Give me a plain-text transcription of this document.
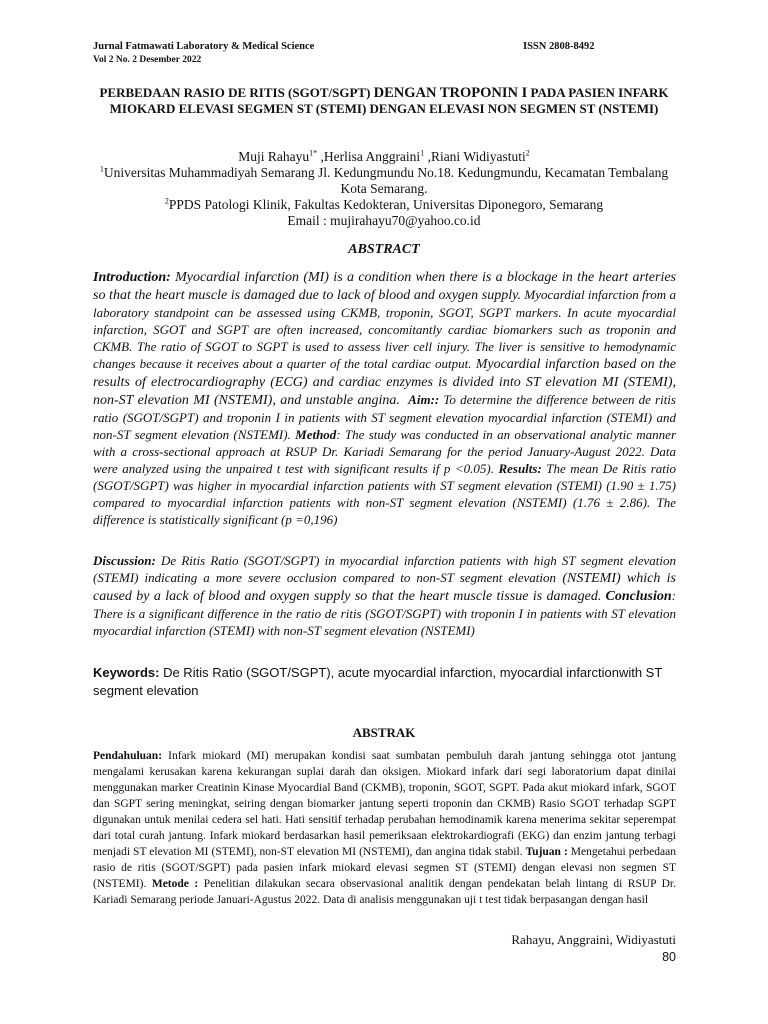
Jurnal Fatmawati Laboratory & Medical Science	ISSN 2808-8492
Vol 2 No. 2 Desember 2022
PERBEDAAN RASIO DE RITIS (SGOT/SGPT) DENGAN TROPONIN I PADA PASIEN INFARK MIOKARD ELEVASI SEGMEN ST (STEMI) DENGAN ELEVASI NON SEGMEN ST (NSTEMI)
Muji Rahayu$^{1*}$ ,Herlisa Anggraini$^1$ ,Riani Widiyastuti$^2$
$^1$Universitas Muhammadiyah Semarang Jl. Kedungmundu No.18. Kedungmundu, Kecamatan Tembalang Kota Semarang.
$^2$PPDS Patologi Klinik, Fakultas Kedokteran, Universitas Diponegoro, Semarang
Email : mujirahayu70@yahoo.co.id
ABSTRACT
Introduction: Myocardial infarction (MI) is a condition when there is a blockage in the heart arteries so that the heart muscle is damaged due to lack of blood and oxygen supply. Myocardial infarction from a laboratory standpoint can be assessed using CKMB, troponin, SGOT, SGPT markers. In acute myocardial infarction, SGOT and SGPT are often increased, concomitantly cardiac biomarkers such as troponin and CKMB. The ratio of SGOT to SGPT is used to assess liver cell injury. The liver is sensitive to hemodynamic changes because it receives about a quarter of the total cardiac output. Myocardial infarction based on the results of electrocardiography (ECG) and cardiac enzymes is divided into ST elevation MI (STEMI), non-ST elevation MI (NSTEMI), and unstable angina. Aim:: To determine the difference between de ritis ratio (SGOT/SGPT) and troponin I in patients with ST segment elevation myocardial infarction (STEMI) and non-ST segment elevation (NSTEMI). Method: The study was conducted in an observational analytic manner with a cross-sectional approach at RSUP Dr. Kariadi Semarang for the period January-August 2022. Data were analyzed using the unpaired t test with significant results if p <0.05). Results: The mean De Ritis ratio (SGOT/SGPT) was higher in myocardial infarction patients with ST segment elevation (STEMI) (1.90 ± 1.75) compared to myocardial infarction patients with non-ST segment elevation (NSTEMI) (1.76 ± 2.86). The difference is statistically significant (p =0,196)
Discussion: De Ritis Ratio (SGOT/SGPT) in myocardial infarction patients with high ST segment elevation (STEMI) indicating a more severe occlusion compared to non-ST segment elevation (NSTEMI) which is caused by a lack of blood and oxygen supply so that the heart muscle tissue is damaged. Conclusion: There is a significant difference in the ratio de ritis (SGOT/SGPT) with troponin I in patients with ST elevation myocardial infarction (STEMI) with non-ST segment elevation (NSTEMI)
Keywords: De Ritis Ratio (SGOT/SGPT), acute myocardial infarction, myocardial infarctionwith ST segment elevation
ABSTRAK
Pendahuluan: Infark miokard (MI) merupakan kondisi saat sumbatan pembuluh darah jantung sehingga otot jantung mengalami kerusakan karena kekurangan suplai darah dan oksigen. Miokard infark dari segi laboratorium dapat dinilai menggunakan marker Creatinin Kinase Myocardial Band (CKMB), troponin, SGOT, SGPT. Pada akut miokard infark, SGOT dan SGPT sering meningkat, seiring dengan biomarker jantung seperti troponin dan CKMB) Rasio SGOT terhadap SGPT digunakan untuk menilai cedera sel hati. Hati sensitif terhadap perubahan hemodinamik karena menerima sekitar seperempat dari total curah jantung. Infark miokard berdasarkan hasil pemeriksaan elektrokardiografi (EKG) dan enzim jantung terbagi menjadi ST elevation MI (STEMI), non-ST elevation MI (NSTEMI), dan angina tidak stabil. Tujuan : Mengetahui perbedaan rasio de ritis (SGOT/SGPT) pada pasien infark miokard elevasi segmen ST (STEMI) dengan elevasi non segmen ST (NSTEMI). Metode : Penelitian dilakukan secara observasional analitik dengan pendekatan belah lintang di RSUP Dr. Kariadi Semarang periode Januari-Agustus 2022. Data di analisis menggunakan uji t test tidak berpasangan dengan hasil
Rahayu, Anggraini, Widiyastuti
80
